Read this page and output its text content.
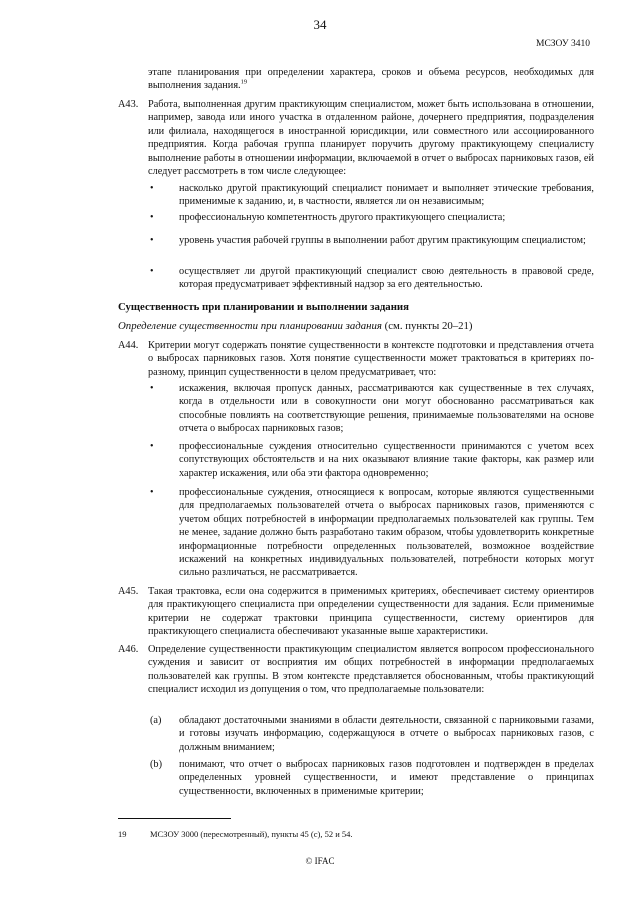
34
МСЗОУ 3410
этапе планирования при определении характера, сроков и объема ресурсов, необходимых для выполнения задания.$^{19}$
A43. Работа, выполненная другим практикующим специалистом, может быть использована в отношении, например, завода или иного участка в отдаленном районе, дочернего предприятия, подразделения или филиала, находящегося в иностранной юрисдикции, или совместного или ассоциированного предприятия. Когда рабочая группа планирует поручить другому практикующему специалисту выполнение работы в отношении информации, включаемой в отчет о выбросах парниковых газов, ей следует рассмотреть в том числе следующее:
• насколько другой практикующий специалист понимает и выполняет этические требования, применимые к заданию, и, в частности, является ли он независимым;
• профессиональную компетентность другого практикующего специалиста;
• уровень участия рабочей группы в выполнении работ другим практикующим специалистом;
• осуществляет ли другой практикующий специалист свою деятельность в правовой среде, которая предусматривает эффективный надзор за его деятельностью.
Существенность при планировании и выполнении задания
Определение существенности при планировании задания (см. пункты 20–21)
A44. Критерии могут содержать понятие существенности в контексте подготовки и представления отчета о выбросах парниковых газов. Хотя понятие существенности может трактоваться в критериях по-разному, принцип существенности в целом предусматривает, что:
• искажения, включая пропуск данных, рассматриваются как существенные в тех случаях, когда в отдельности или в совокупности они могут обоснованно рассматриваться как способные повлиять на соответствующие решения, принимаемые пользователями на основе отчета о выбросах парниковых газов;
• профессиональные суждения относительно существенности принимаются с учетом всех сопутствующих обстоятельств и на них оказывают влияние такие факторы, как размер или характер искажения, или оба эти фактора одновременно;
• профессиональные суждения, относящиеся к вопросам, которые являются существенными для предполагаемых пользователей отчета о выбросах парниковых газов, применяются с учетом общих потребностей в информации предполагаемых пользователей как группы. Тем не менее, задание должно быть разработано таким образом, чтобы удовлетворить конкретные информационные потребности определенных пользователей, возможное воздействие искажений на конкретных индивидуальных пользователей, потребности которых могут сильно различаться, не рассматривается.
A45. Такая трактовка, если она содержится в применимых критериях, обеспечивает систему ориентиров для практикующего специалиста при определении существенности для задания. Если применимые критерии не содержат трактовки принципа существенности, систему ориентиров для практикующего специалиста обеспечивают указанные выше характеристики.
A46. Определение существенности практикующим специалистом является вопросом профессионального суждения и зависит от восприятия им общих потребностей в информации предполагаемых пользователей как группы. В этом контексте представляется обоснованным, чтобы практикующий специалист исходил из допущения о том, что предполагаемые пользователи:
(a) обладают достаточными знаниями в области деятельности, связанной с парниковыми газами, и готовы изучать информацию, содержащуюся в отчете о выбросах парниковых газов, с должным вниманием;
(b) понимают, что отчет о выбросах парниковых газов подготовлен и подтвержден в пределах определенных уровней существенности, и имеют представление о принципах существенности, включенных в применимые критерии;
19	МСЗОУ 3000 (пересмотренный), пункты 45 (c), 52 и 54.
© IFAC
